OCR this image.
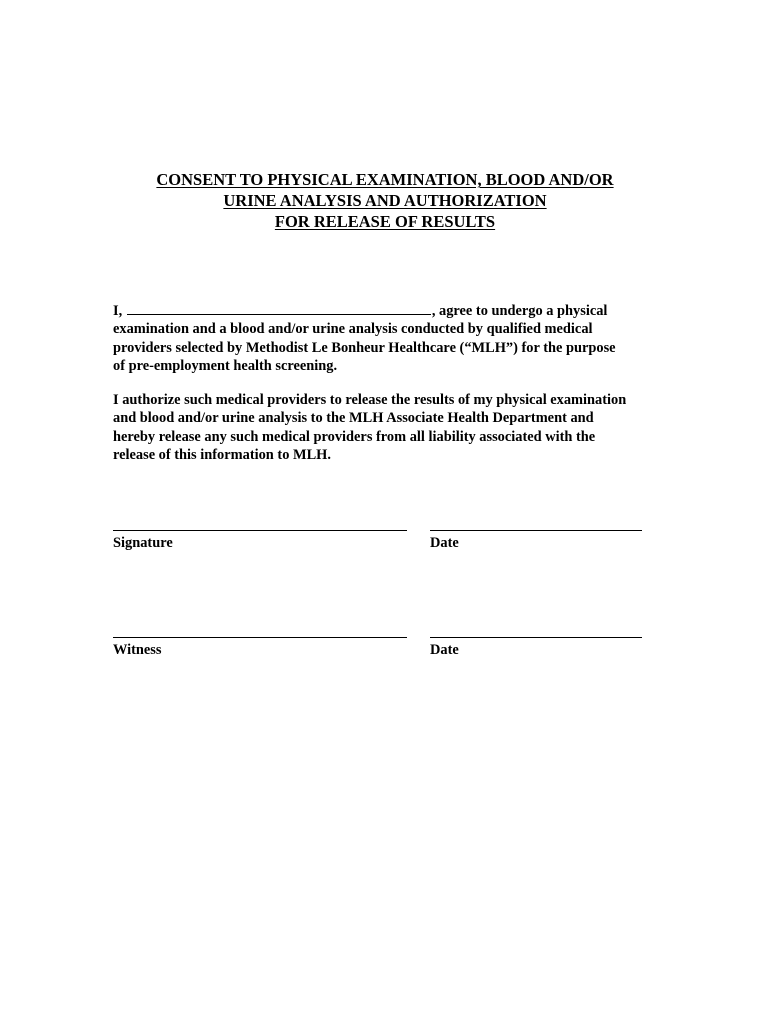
CONSENT TO PHYSICAL EXAMINATION, BLOOD AND/OR
URINE ANALYSIS AND AUTHORIZATION
FOR RELEASE OF RESULTS
I,	, agree to undergo a physical
examination and a blood and/or urine analysis conducted by qualified medical
providers selected by Methodist Le Bonheur Healthcare (“MLH”) for the purpose
of pre-employment health screening.
I authorize such medical providers to release the results of my physical examination
and blood and/or urine analysis to the MLH Associate Health Department and
hereby release any such medical providers from all liability associated with the
release of this information to MLH.
Signature	Date
Witness	Date
